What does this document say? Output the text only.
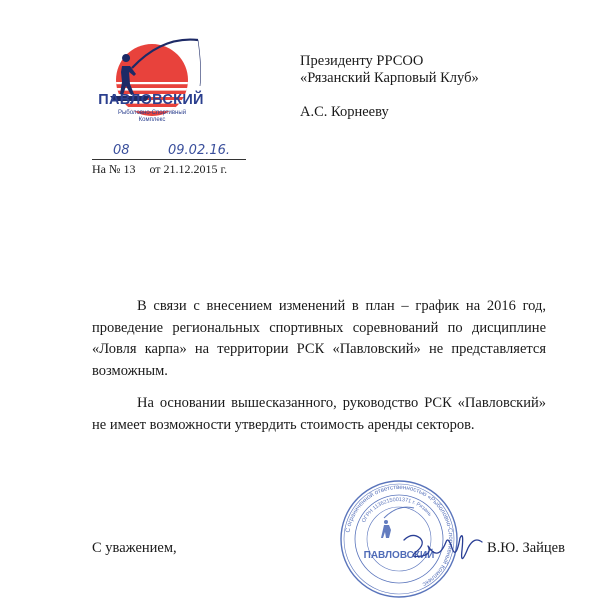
ПАВЛОВСКИЙ
Рыболовно-Спортивный
Комплекс
Президенту РРСОО
«Рязанский Карповый Клуб»
А.С. Корнееву
08	09.02.16.
На № 13 от 21.12.2015 г.

В связи с внесением изменений в план – график на 2016 год, проведение региональных спортивных соревнований по дисциплине «Ловля карпа» на территории РСК «Павловский» не представляется возможным.

На основании вышесказанного, руководство РСК «Павловский» не имеет возможности утвердить стоимость аренды секторов.

С уважением,	В.Ю. Зайцев
С ограниченной ответственностью «Рыболовно-Спортивный Комплекс
ОГРН 1136215001371 г. Рязань
ПАВЛОВСКИЙ
